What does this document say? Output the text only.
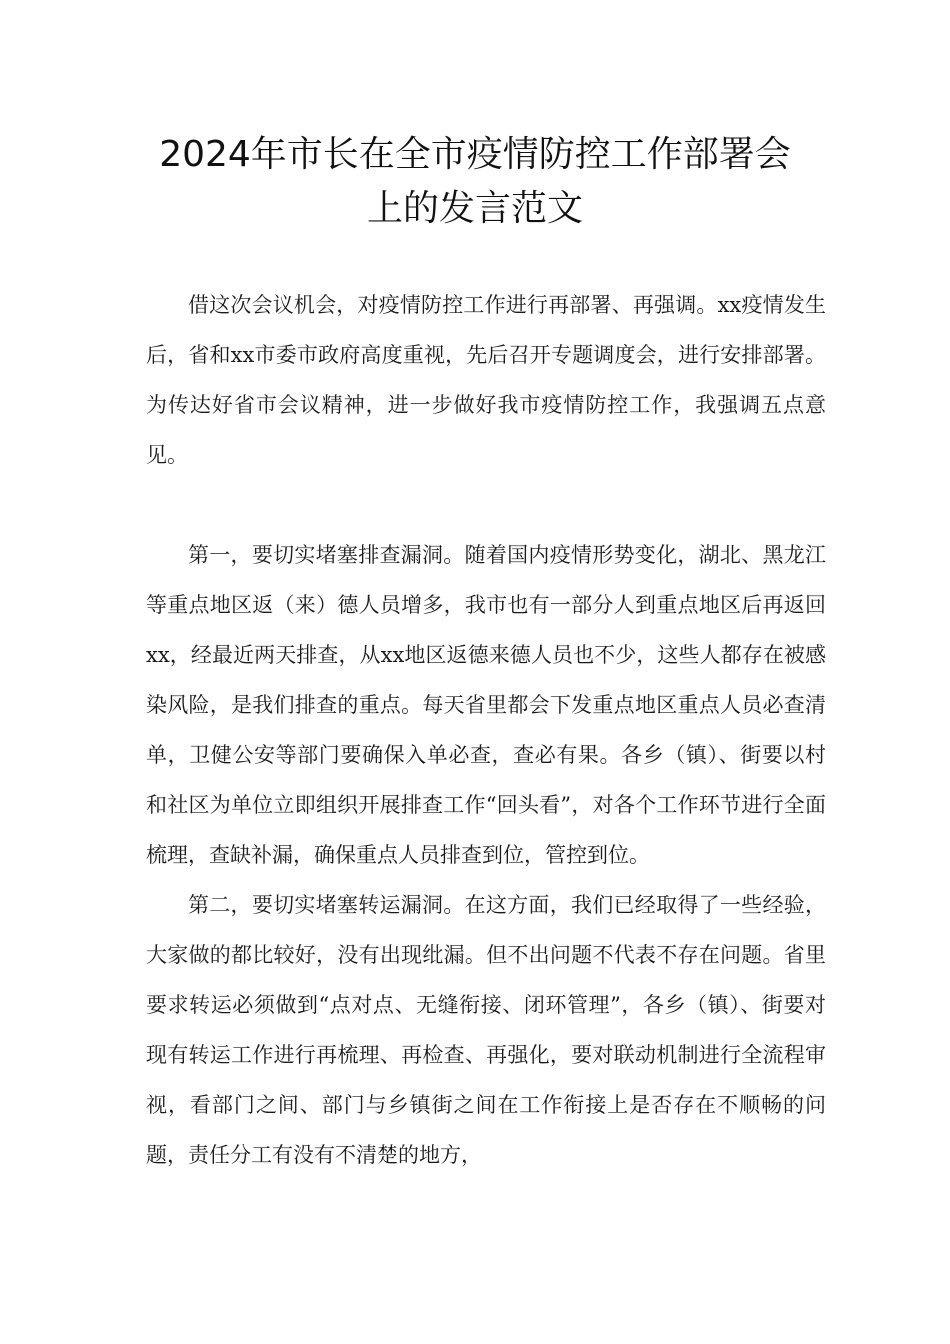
2024年市长在全市疫情防控工作部署会
上的发言范文

借这次会议机会，对疫情防控工作进行再部署、再强调。xx疫情发生后，省和xx市委市政府高度重视，先后召开专题调度会，进行安排部署。为传达好省市会议精神，进一步做好我市疫情防控工作，我强调五点意见。

第一，要切实堵塞排查漏洞。随着国内疫情形势变化，湖北、黑龙江等重点地区返（来）德人员增多，我市也有一部分人到重点地区后再返回xx，经最近两天排查，从xx地区返德来德人员也不少，这些人都存在被感染风险，是我们排查的重点。每天省里都会下发重点地区重点人员必查清单，卫健公安等部门要确保入单必查，查必有果。各乡（镇）、街要以村和社区为单位立即组织开展排查工作“回头看”，对各个工作环节进行全面梳理，查缺补漏，确保重点人员排查到位，管控到位。

第二，要切实堵塞转运漏洞。在这方面，我们已经取得了一些经验，大家做的都比较好，没有出现纰漏。但不出问题不代表不存在问题。省里要求转运必须做到“点对点、无缝衔接、闭环管理”，各乡（镇）、街要对现有转运工作进行再梳理、再检查、再强化，要对联动机制进行全流程审视，看部门之间、部门与乡镇街之间在工作衔接上是否存在不顺畅的问题，责任分工有没有不清楚的地方，
